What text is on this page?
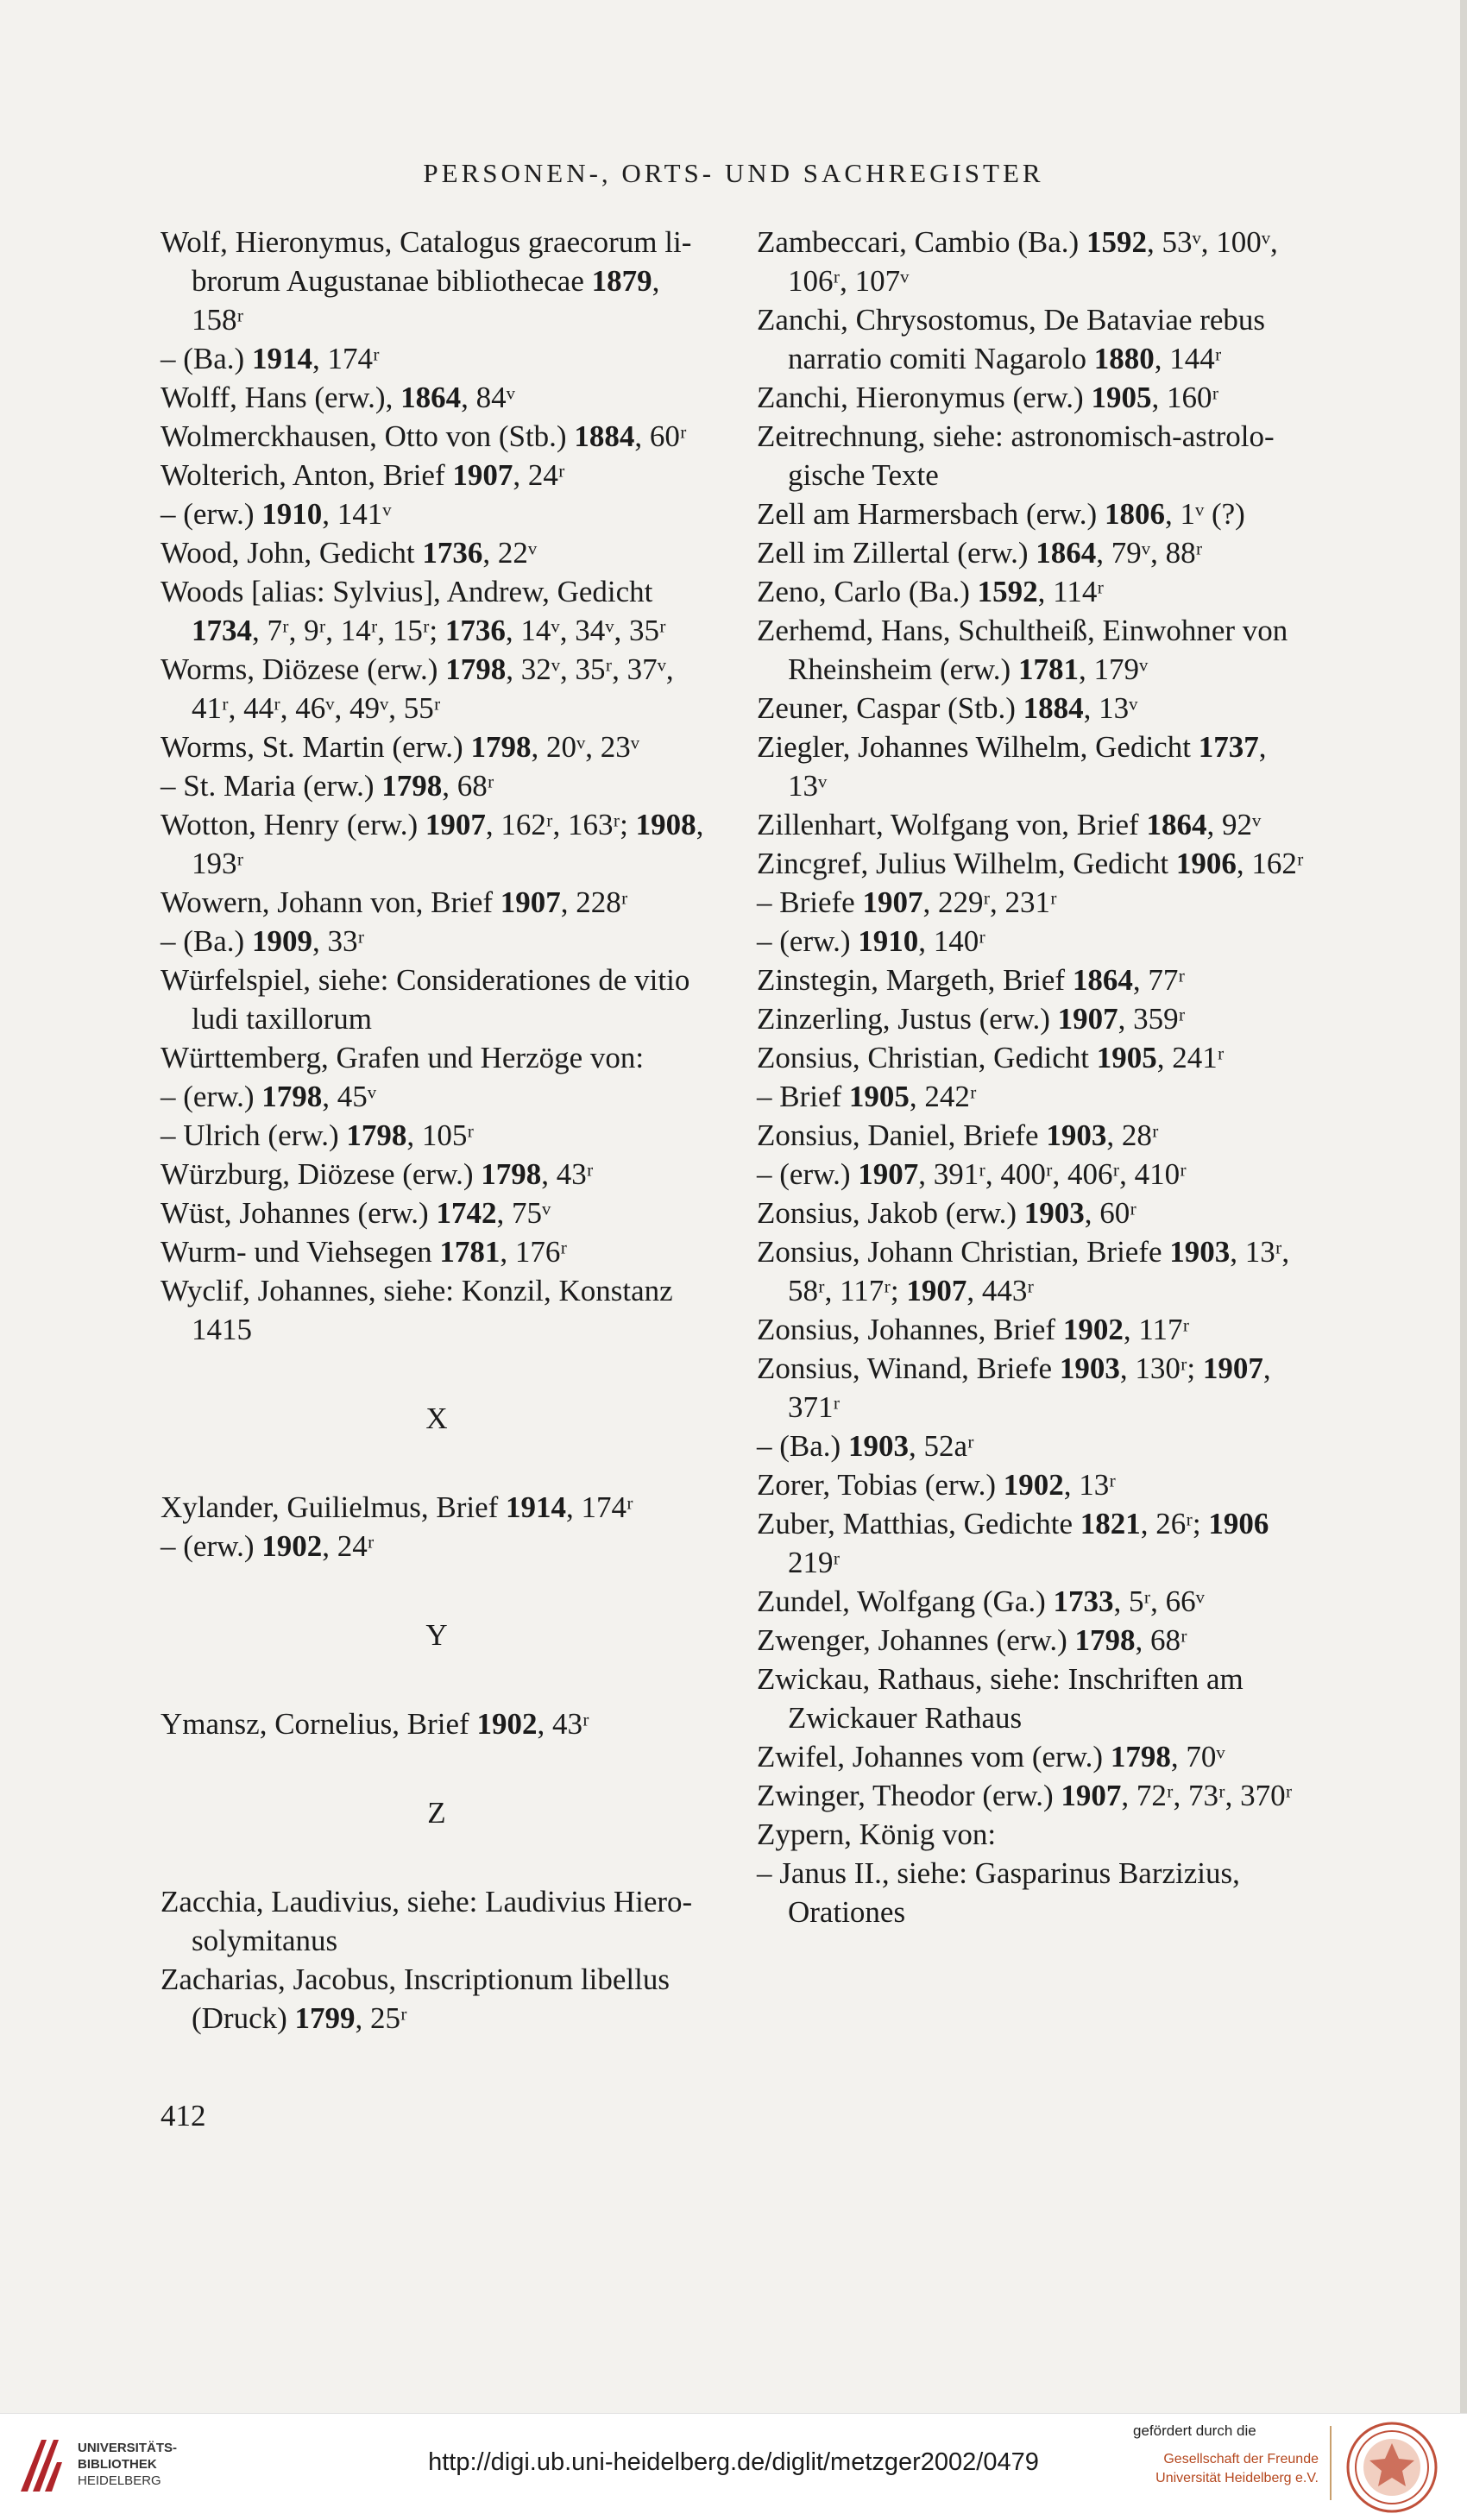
PERSONEN-, ORTS- UND SACHREGISTER

Wolf, Hieronymus, Catalogus graecorum librorum Augustanae bibliothecae 1879, 158ʳ

– (Ba.) 1914, 174ʳ

Wolff, Hans (erw.), 1864, 84ᵛ

Wolmerckhausen, Otto von (Stb.) 1884, 60ʳ

Wolterich, Anton, Brief 1907, 24ʳ

– (erw.) 1910, 141ᵛ

Wood, John, Gedicht 1736, 22ᵛ

Woods [alias: Sylvius], Andrew, Gedicht 1734, 7ʳ, 9ʳ, 14ʳ, 15ʳ; 1736, 14ᵛ, 34ᵛ, 35ʳ

Worms, Diözese (erw.) 1798, 32ᵛ, 35ʳ, 37ᵛ, 41ʳ, 44ʳ, 46ᵛ, 49ᵛ, 55ʳ

Worms, St. Martin (erw.) 1798, 20ᵛ, 23ᵛ

– St. Maria (erw.) 1798, 68ʳ

Wotton, Henry (erw.) 1907, 162ʳ, 163ʳ; 1908, 193ʳ

Wowern, Johann von, Brief 1907, 228ʳ

– (Ba.) 1909, 33ʳ

Würfelspiel, siehe: Considerationes de vitio ludi taxillorum

Württemberg, Grafen und Herzöge von:

– (erw.) 1798, 45ᵛ

– Ulrich (erw.) 1798, 105ʳ

Würzburg, Diözese (erw.) 1798, 43ʳ

Wüst, Johannes (erw.) 1742, 75ᵛ

Wurm- und Viehsegen 1781, 176ʳ

Wyclif, Johannes, siehe: Konzil, Konstanz 1415

X

Xylander, Guilielmus, Brief 1914, 174ʳ

– (erw.) 1902, 24ʳ

Y

Ymansz, Cornelius, Brief 1902, 43ʳ

Z

Zacchia, Laudivius, siehe: Laudivius Hierosolymitanus

Zacharias, Jacobus, Inscriptionum libellus (Druck) 1799, 25ʳ

Zambeccari, Cambio (Ba.) 1592, 53ᵛ, 100ᵛ, 106ʳ, 107ᵛ

Zanchi, Chrysostomus, De Bataviae rebus narratio comiti Nagarolo 1880, 144ʳ

Zanchi, Hieronymus (erw.) 1905, 160ʳ

Zeitrechnung, siehe: astronomisch-astrologische Texte

Zell am Harmersbach (erw.) 1806, 1ᵛ (?)

Zell im Zillertal (erw.) 1864, 79ᵛ, 88ʳ

Zeno, Carlo (Ba.) 1592, 114ʳ

Zerhemd, Hans, Schultheiß, Einwohner von Rheinsheim (erw.) 1781, 179ᵛ

Zeuner, Caspar (Stb.) 1884, 13ᵛ

Ziegler, Johannes Wilhelm, Gedicht 1737, 13ᵛ

Zillenhart, Wolfgang von, Brief 1864, 92ᵛ

Zincgref, Julius Wilhelm, Gedicht 1906, 162ʳ

– Briefe 1907, 229ʳ, 231ʳ

– (erw.) 1910, 140ʳ

Zinstegin, Margeth, Brief 1864, 77ʳ

Zinzerling, Justus (erw.) 1907, 359ʳ

Zonsius, Christian, Gedicht 1905, 241ʳ

– Brief 1905, 242ʳ

Zonsius, Daniel, Briefe 1903, 28ʳ

– (erw.) 1907, 391ʳ, 400ʳ, 406ʳ, 410ʳ

Zonsius, Jakob (erw.) 1903, 60ʳ

Zonsius, Johann Christian, Briefe 1903, 13ʳ, 58ʳ, 117ʳ; 1907, 443ʳ

Zonsius, Johannes, Brief 1902, 117ʳ

Zonsius, Winand, Briefe 1903, 130ʳ; 1907, 371ʳ

– (Ba.) 1903, 52aʳ

Zorer, Tobias (erw.) 1902, 13ʳ

Zuber, Matthias, Gedichte 1821, 26ʳ; 1906 219ʳ

Zundel, Wolfgang (Ga.) 1733, 5ʳ, 66ᵛ

Zwenger, Johannes (erw.) 1798, 68ʳ

Zwickau, Rathaus, siehe: Inschriften am Zwickauer Rathaus

Zwifel, Johannes vom (erw.) 1798, 70ᵛ

Zwinger, Theodor (erw.) 1907, 72ʳ, 73ʳ, 370ʳ

Zypern, König von:

– Janus II., siehe: Gasparinus Barzizius, Orationes

412
UNIVERSITÄTS-
BIBLIOTHEK
HEIDELBERG
http://digi.ub.uni-heidelberg.de/diglit/metzger2002/0479
gefördert durch die
Gesellschaft der Freunde
Universität Heidelberg e.V.
